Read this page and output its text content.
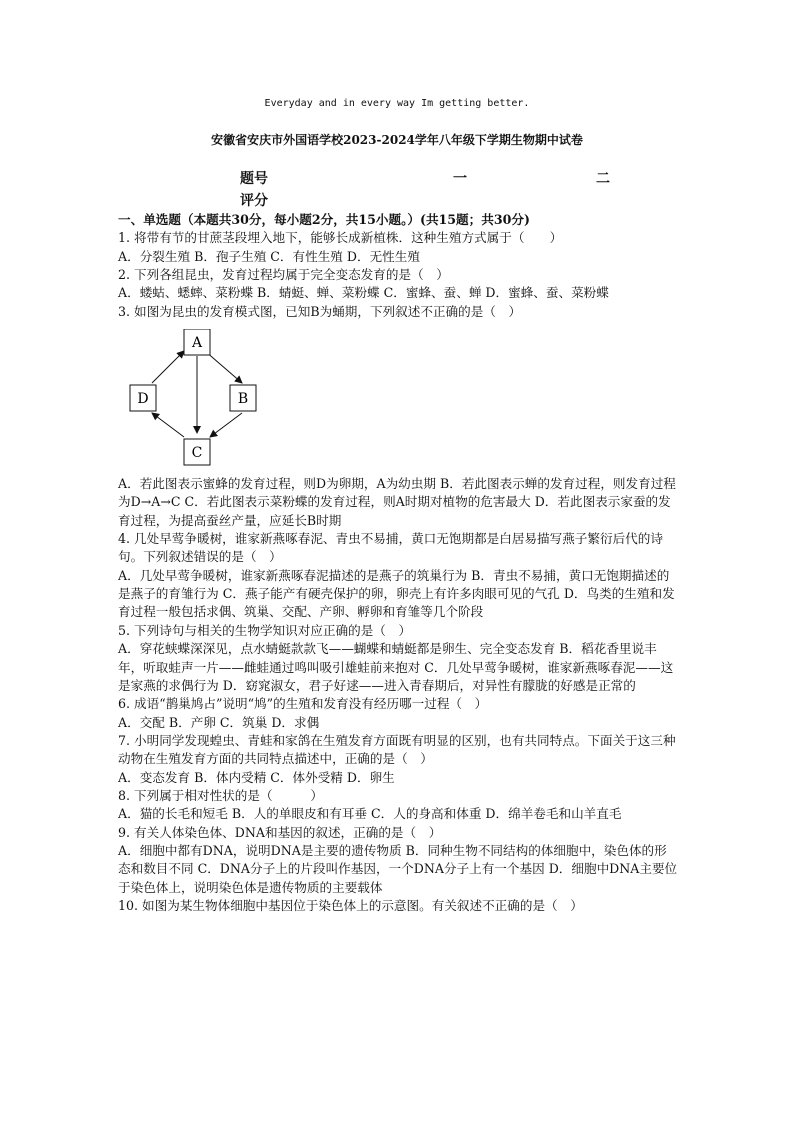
Everyday and in every way Im getting better.
安徽省安庆市外国语学校2023-2024学年八年级下学期生物期中试卷
题号	一	二
评分

一、单选题（本题共30分，每小题2分，共15小题。）(共15题；共30分)

1. 将带有节的甘蔗茎段埋入地下，能够长成新植株．这种生殖方式属于（　　）

A．分裂生殖 B．孢子生殖 C．有性生殖 D．无性生殖

2. 下列各组昆虫，发育过程均属于完全变态发育的是（　）

A．蝼蛄、蟋蟀、菜粉蝶 B．蜻蜓、蝉、菜粉蝶 C．蜜蜂、蚕、蝉 D．蜜蜂、蚕、菜粉蝶

3. 如图为昆虫的发育模式图，已知B为蛹期，下列叙述不正确的是（　）

A
B
C
D

A．若此图表示蜜蜂的发育过程，则D为卵期，A为幼虫期 B．若此图表示蝉的发育过程，则发育过程为D→A→C C．若此图表示菜粉蝶的发育过程，则A时期对植物的危害最大 D．若此图表示家蚕的发育过程，为提高蚕丝产量，应延长B时期

4. 几处早莺争暖树，谁家新燕啄春泥、青虫不易捕，黄口无饱期都是白居易描写燕子繁衍后代的诗句。下列叙述错误的是（　）

A．几处早莺争暖树，谁家新燕啄春泥描述的是燕子的筑巢行为 B．青虫不易捕，黄口无饱期描述的是燕子的育雏行为 C．燕子能产有硬壳保护的卵，卵壳上有许多肉眼可见的气孔 D．鸟类的生殖和发育过程一般包括求偶、筑巢、交配、产卵、孵卵和育雏等几个阶段

5. 下列诗句与相关的生物学知识对应正确的是（　）

A．穿花蛱蝶深深见，点水蜻蜓款款飞——蝴蝶和蜻蜓都是卵生、完全变态发育 B．稻花香里说丰年，听取蛙声一片——雌蛙通过鸣叫吸引雄蛙前来抱对 C．几处早莺争暖树，谁家新燕啄春泥——这是家燕的求偶行为 D．窈窕淑女，君子好逑——进入青春期后，对异性有朦胧的好感是正常的

6. 成语“鹊巢鸠占”说明“鸠”的生殖和发育没有经历哪一过程（　）

A．交配 B．产卵 C．筑巢 D．求偶

7. 小明同学发现蝗虫、青蛙和家鸽在生殖发育方面既有明显的区别，也有共同特点。下面关于这三种动物在生殖发育方面的共同特点描述中，正确的是（　）

A．变态发育 B．体内受精 C．体外受精 D．卵生

8. 下列属于相对性状的是（　　　）

A．猫的长毛和短毛 B．人的单眼皮和有耳垂 C．人的身高和体重 D．绵羊卷毛和山羊直毛

9. 有关人体染色体、DNA和基因的叙述，正确的是（　）

A．细胞中都有DNA，说明DNA是主要的遗传物质 B．同种生物不同结构的体细胞中，染色体的形态和数目不同 C．DNA分子上的片段叫作基因，一个DNA分子上有一个基因 D．细胞中DNA主要位于染色体上，说明染色体是遗传物质的主要载体

10. 如图为某生物体细胞中基因位于染色体上的示意图。有关叙述不正确的是（　）
